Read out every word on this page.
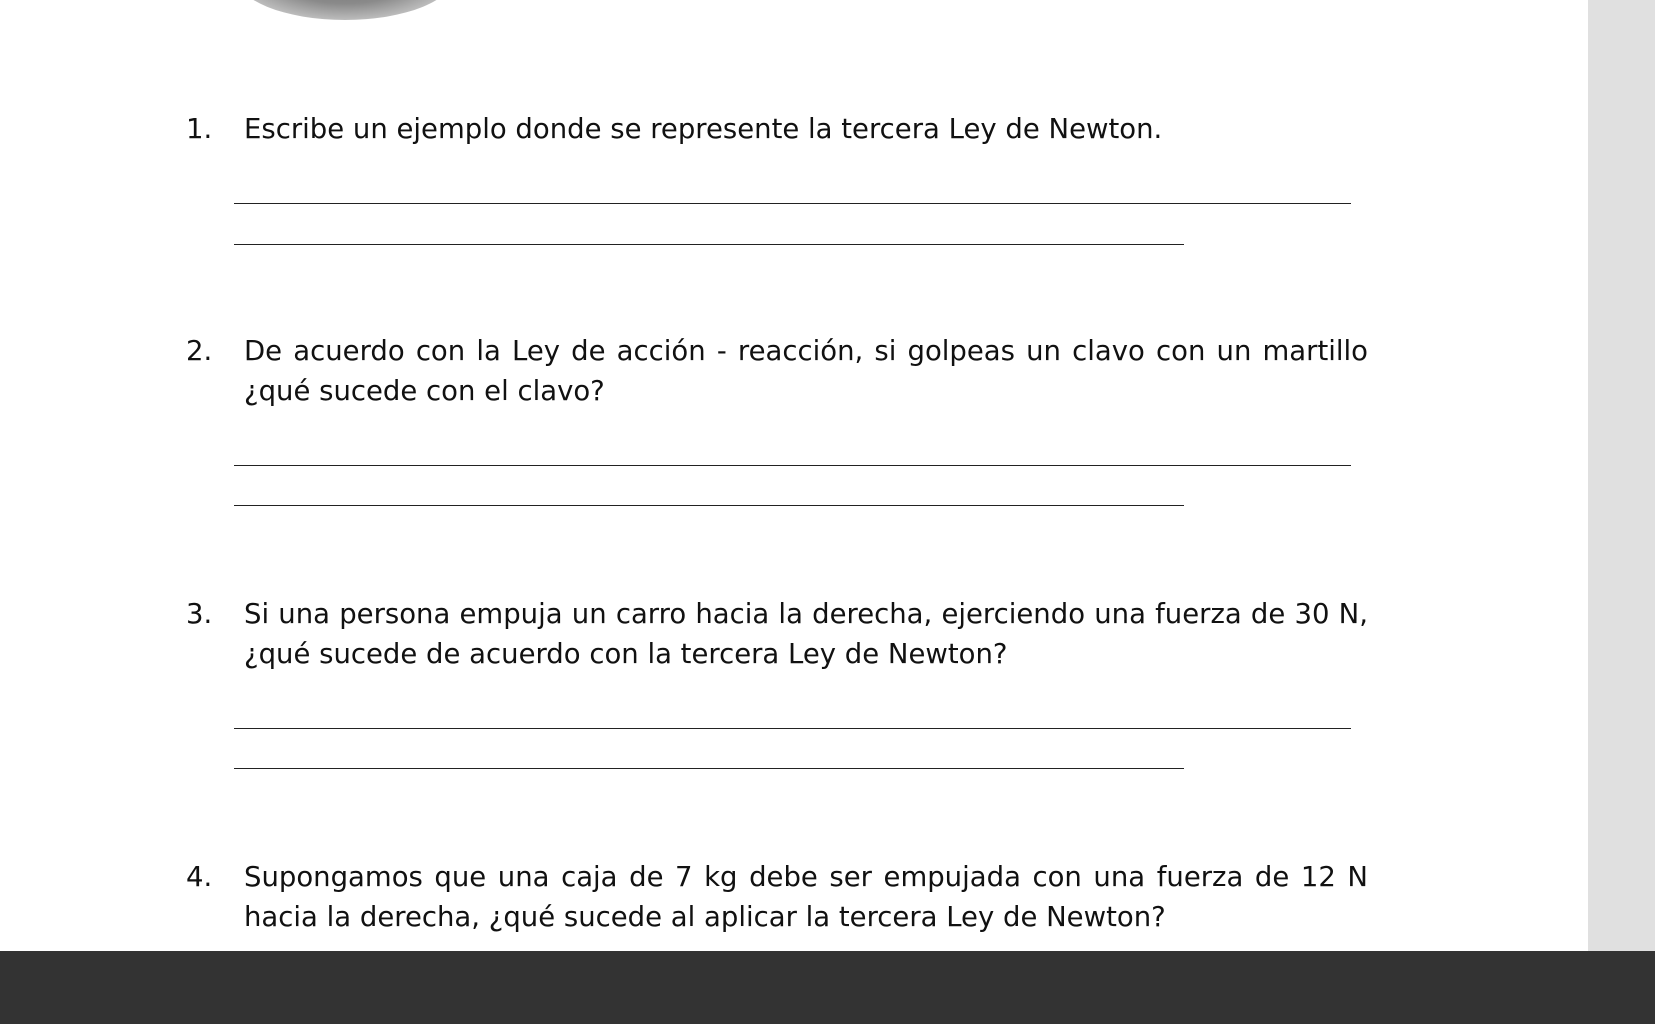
1.	Escribe un ejemplo donde se represente la tercera Ley de Newton.
2.	De acuerdo con la Ley de acción - reacción, si golpeas un clavo con un martillo ¿qué sucede con el clavo?
3.	Si una persona empuja un carro hacia la derecha, ejerciendo una fuerza de 30 N, ¿qué sucede de acuerdo con la tercera Ley de Newton?
4.	Supongamos que una caja de 7 kg debe ser empujada con una fuerza de 12 N hacia la derecha, ¿qué sucede al aplicar la tercera Ley de Newton?
